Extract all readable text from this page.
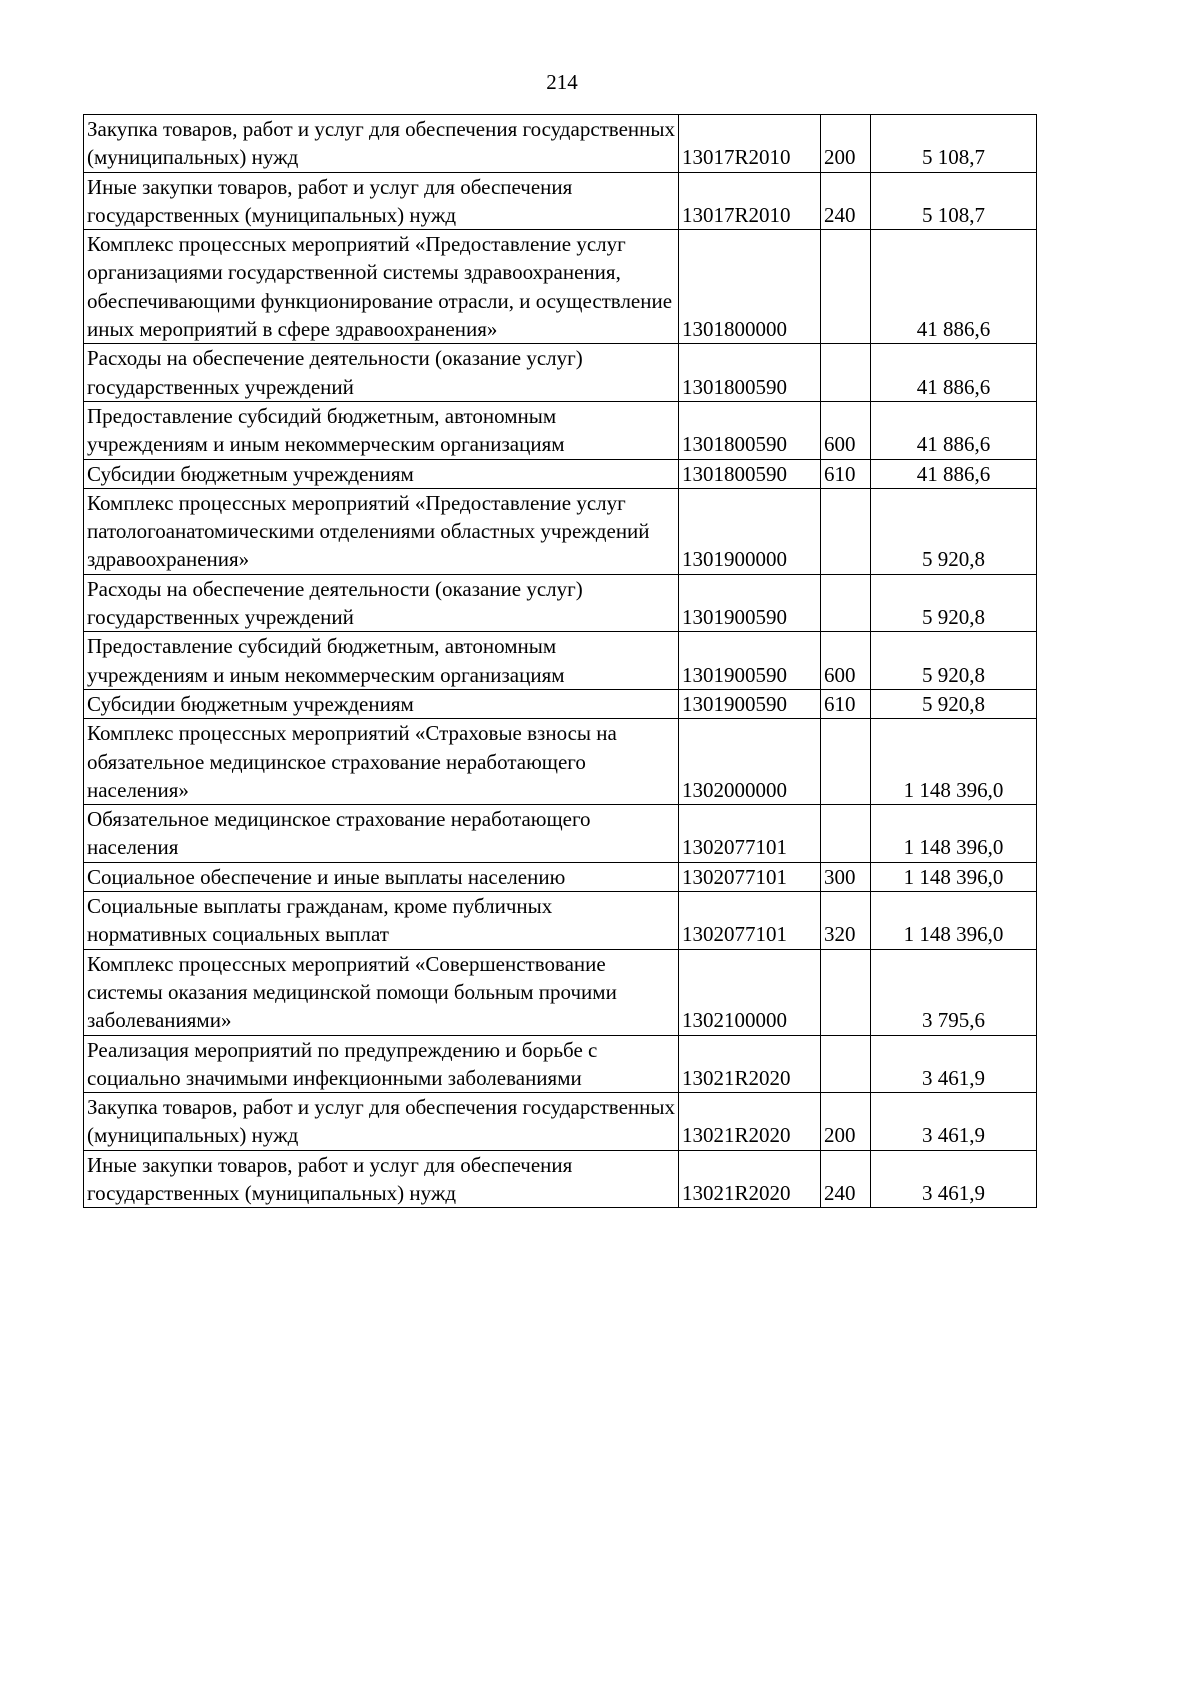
214
Закупка товаров, работ и услуг для обеспечения государственных (муниципальных) нужд	13017R2010	200	5 108,7
Иные закупки товаров, работ и услуг для обеспечения государственных (муниципальных) нужд	13017R2010	240	5 108,7
Комплекс процессных мероприятий «Предоставление услуг организациями государственной системы здравоохранения, обеспечивающими функционирование отрасли, и осуществление иных мероприятий в сфере здравоохранения»	1301800000		41 886,6
Расходы на обеспечение деятельности (оказание услуг) государственных учреждений	1301800590		41 886,6
Предоставление субсидий бюджетным, автономным учреждениям и иным некоммерческим организациям	1301800590	600	41 886,6
Субсидии бюджетным учреждениям	1301800590	610	41 886,6
Комплекс процессных мероприятий «Предоставление услуг патологоанатомическими отделениями областных учреждений здравоохранения»	1301900000		5 920,8
Расходы на обеспечение деятельности (оказание услуг) государственных учреждений	1301900590		5 920,8
Предоставление субсидий бюджетным, автономным учреждениям и иным некоммерческим организациям	1301900590	600	5 920,8
Субсидии бюджетным учреждениям	1301900590	610	5 920,8
Комплекс процессных мероприятий «Страховые взносы на обязательное медицинское страхование неработающего населения»	1302000000		1 148 396,0
Обязательное медицинское страхование неработающего населения	1302077101		1 148 396,0
Социальное обеспечение и иные выплаты населению	1302077101	300	1 148 396,0
Социальные выплаты гражданам, кроме публичных нормативных социальных выплат	1302077101	320	1 148 396,0
Комплекс процессных мероприятий «Совершенствование системы оказания медицинской помощи больным прочими заболеваниями»	1302100000		3 795,6
Реализация мероприятий по предупреждению и борьбе с социально значимыми инфекционными заболеваниями	13021R2020		3 461,9
Закупка товаров, работ и услуг для обеспечения государственных (муниципальных) нужд	13021R2020	200	3 461,9
Иные закупки товаров, работ и услуг для обеспечения государственных (муниципальных) нужд	13021R2020	240	3 461,9
